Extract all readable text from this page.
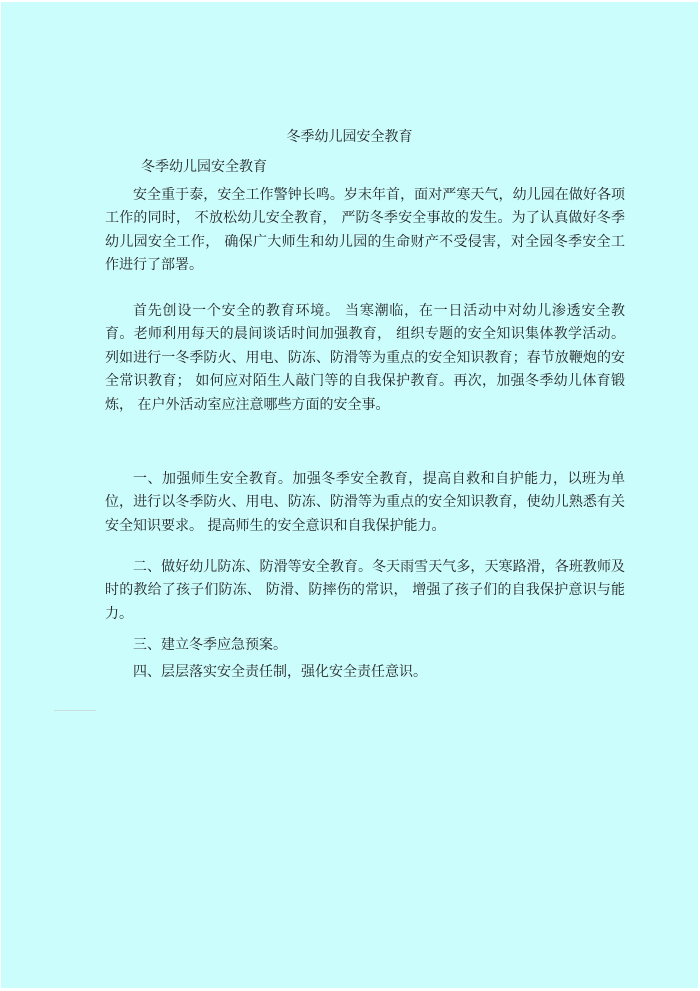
冬季幼儿园安全教育
冬季幼儿园安全教育

安全重于泰，安全工作警钟长鸣。岁末年首，面对严寒天气，幼儿园在做好各项工作的同时， 不放松幼儿安全教育， 严防冬季安全事故的发生。为了认真做好冬季幼儿园安全工作， 确保广大师生和幼儿园的生命财产不受侵害，对全园冬季安全工作进行了部署。

首先创设一个安全的教育环境。 当寒潮临，在一日活动中对幼儿渗透安全教育。老师利用每天的晨间谈话时间加强教育， 组织专题的安全知识集体教学活动。列如进行一冬季防火、用电、防冻、防滑等为重点的安全知识教育；春节放鞭炮的安全常识教育； 如何应对陌生人敲门等的自我保护教育。再次，加强冬季幼儿体育锻炼， 在户外活动室应注意哪些方面的安全事。

一、加强师生安全教育。加强冬季安全教育，提高自救和自护能力，以班为单位，进行以冬季防火、用电、防冻、防滑等为重点的安全知识教育，使幼儿熟悉有关安全知识要求。 提高师生的安全意识和自我保护能力。

二、做好幼儿防冻、防滑等安全教育。冬天雨雪天气多，天寒路滑，各班教师及时的教给了孩子们防冻、 防滑、防摔伤的常识， 增强了孩子们的自我保护意识与能力。

三、建立冬季应急预案。

四、层层落实安全责任制，强化安全责任意识。
